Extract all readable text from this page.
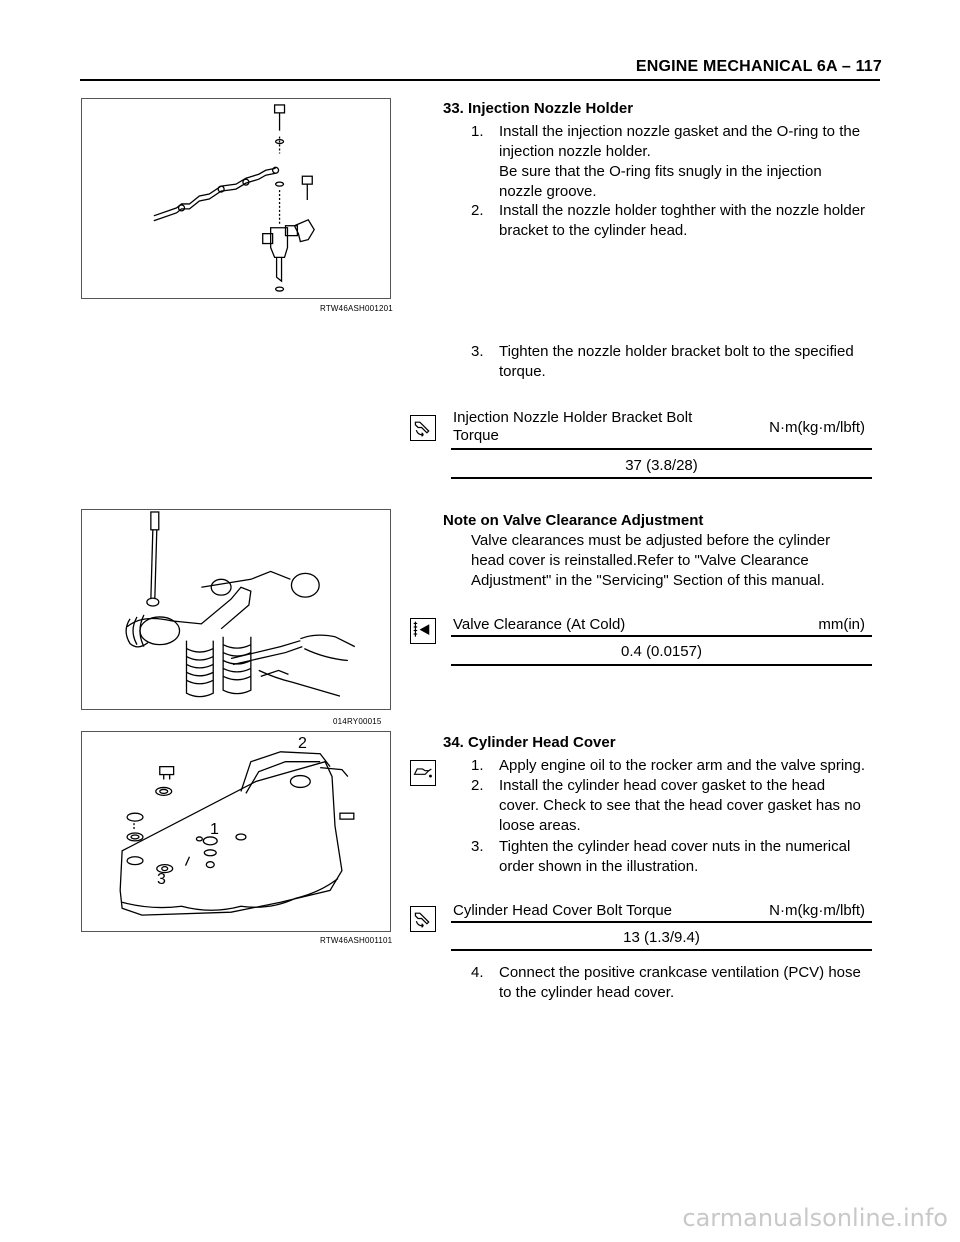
ENGINE MECHANICAL 6A – 117
RTW46ASH001201
33. Injection Nozzle Holder
1. Install the injection nozzle gasket and the O-ring to the
injection nozzle holder.
Be sure that the O-ring fits snugly in the injection
nozzle groove.
2. Install the nozzle holder toghther with the nozzle holder
bracket to the cylinder head.
3. Tighten the nozzle holder bracket bolt to the specified
torque.
Injection Nozzle Holder Bracket Bolt
Torque	N·m(kg·m/lbft)
37 (3.8/28)
014RY00015
Note on Valve Clearance Adjustment
Valve clearances must be adjusted before the cylinder
head cover is reinstalled.Refer to "Valve Clearance
Adjustment" in the "Servicing" Section of this manual.
Valve Clearance (At Cold)	mm(in)
0.4 (0.0157)
2
1
3
RTW46ASH001101
34. Cylinder Head Cover
1. Apply engine oil to the rocker arm and the valve spring.
2. Install the cylinder head cover gasket to the head
cover. Check to see that the head cover gasket has no
loose areas.
3. Tighten the cylinder head cover nuts in the numerical
order shown in the illustration.
Cylinder Head Cover Bolt Torque	N·m(kg·m/lbft)
13 (1.3/9.4)
4. Connect the positive crankcase ventilation (PCV) hose
to the cylinder head cover.
carmanualsonline.info
